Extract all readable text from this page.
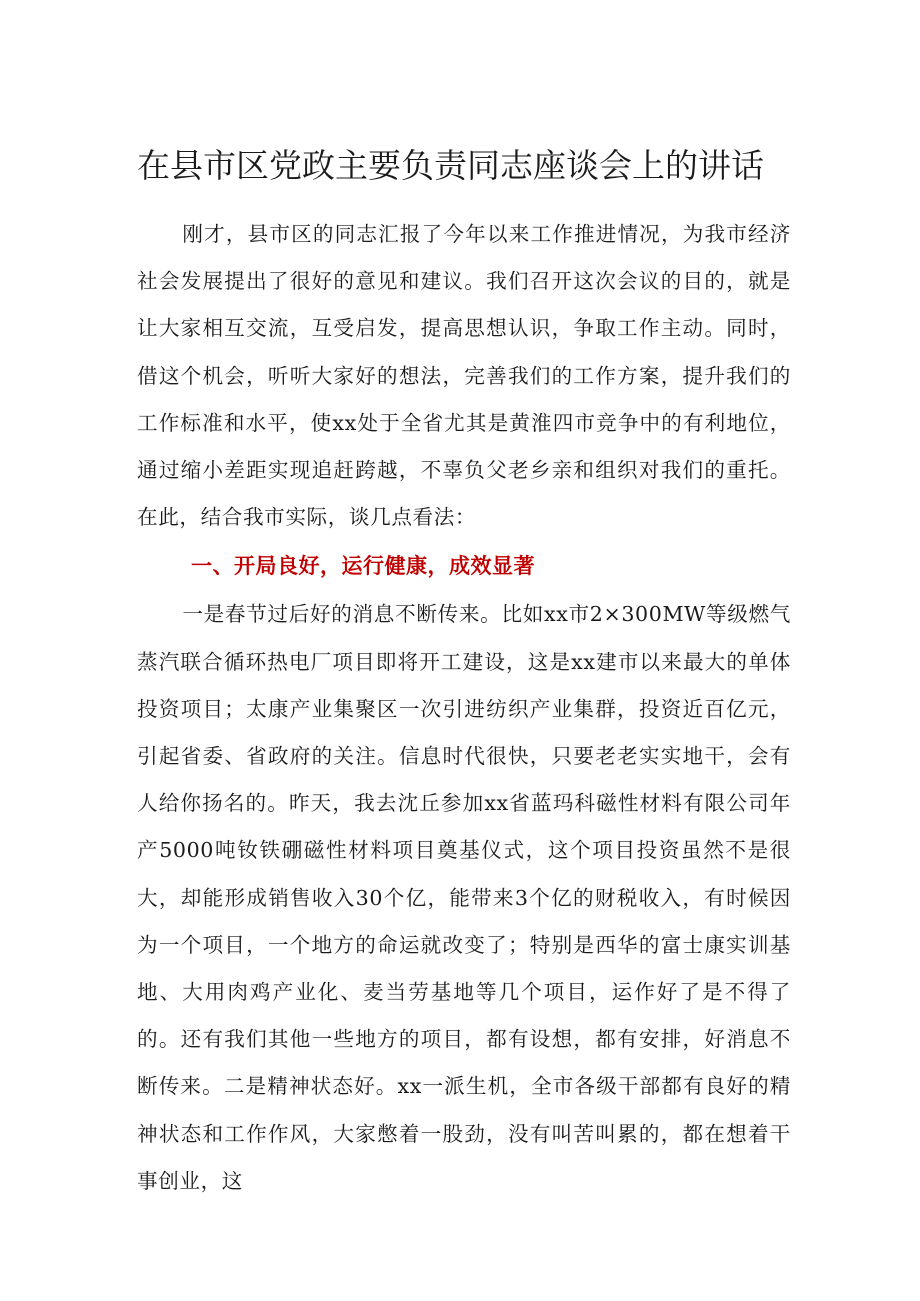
在县市区党政主要负责同志座谈会上的讲话

刚才，县市区的同志汇报了今年以来工作推进情况，为我市经济社会发展提出了很好的意见和建议。我们召开这次会议的目的，就是让大家相互交流，互受启发，提高思想认识，争取工作主动。同时，借这个机会，听听大家好的想法，完善我们的工作方案，提升我们的工作标准和水平，使xx处于全省尤其是黄淮四市竞争中的有利地位，通过缩小差距实现追赶跨越，不辜负父老乡亲和组织对我们的重托。在此，结合我市实际，谈几点看法：

一、开局良好，运行健康，成效显著

一是春节过后好的消息不断传来。比如xx市2×300MW等级燃气蒸汽联合循环热电厂项目即将开工建设，这是xx建市以来最大的单体投资项目；太康产业集聚区一次引进纺织产业集群，投资近百亿元，引起省委、省政府的关注。信息时代很快，只要老老实实地干，会有人给你扬名的。昨天，我去沈丘参加xx省蓝玛科磁性材料有限公司年产5000吨钕铁硼磁性材料项目奠基仪式，这个项目投资虽然不是很大，却能形成销售收入30个亿，能带来3个亿的财税收入，有时候因为一个项目，一个地方的命运就改变了；特别是西华的富士康实训基地、大用肉鸡产业化、麦当劳基地等几个项目，运作好了是不得了的。还有我们其他一些地方的项目，都有设想，都有安排，好消息不断传来。二是精神状态好。xx一派生机，全市各级干部都有良好的精神状态和工作作风，大家憋着一股劲，没有叫苦叫累的，都在想着干事创业，这
